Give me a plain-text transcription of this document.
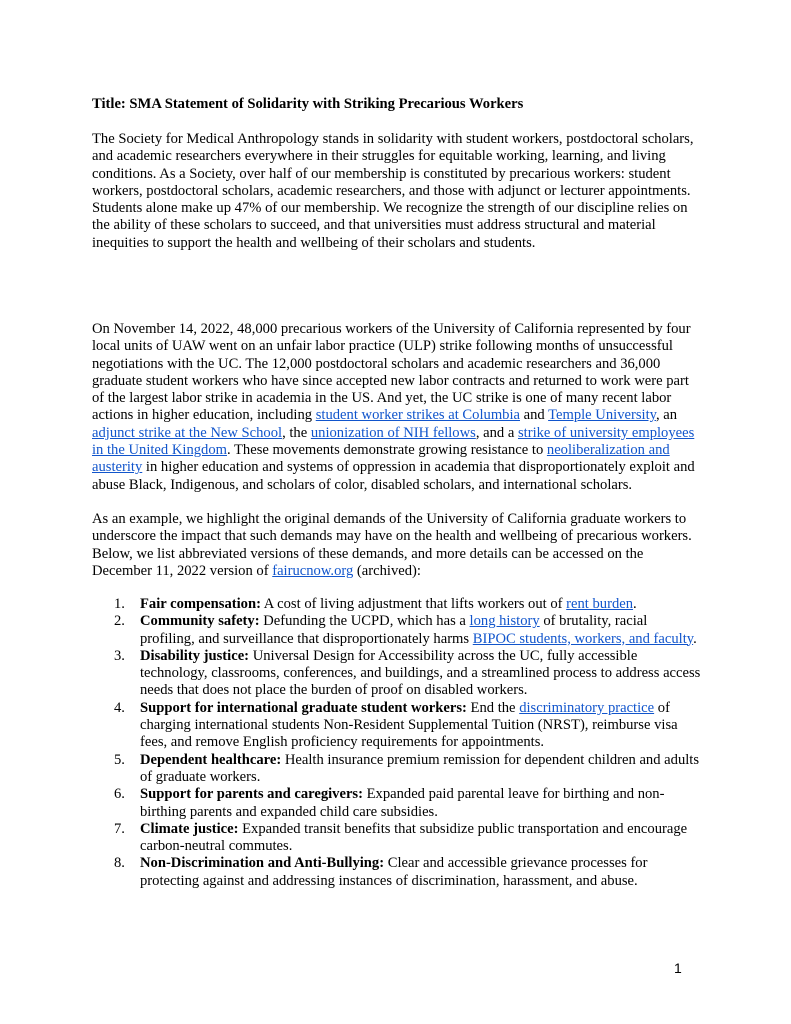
Title: SMA Statement of Solidarity with Striking Precarious Workers

The Society for Medical Anthropology stands in solidarity with student workers, postdoctoral scholars, and academic researchers everywhere in their struggles for equitable working, learning, and living conditions. As a Society, over half of our membership is constituted by precarious workers: student workers, postdoctoral scholars, academic researchers, and those with adjunct or lecturer appointments. Students alone make up 47% of our membership. We recognize the strength of our discipline relies on the ability of these scholars to succeed, and that universities must address structural and material inequities to support the health and wellbeing of their scholars and students.

On November 14, 2022, 48,000 precarious workers of the University of California represented by four local units of UAW went on an unfair labor practice (ULP) strike following months of unsuccessful negotiations with the UC. The 12,000 postdoctoral scholars and academic researchers and 36,000 graduate student workers who have since accepted new labor contracts and returned to work were part of the largest labor strike in academia in the US. And yet, the UC strike is one of many recent labor actions in higher education, including student worker strikes at Columbia and Temple University, an adjunct strike at the New School, the unionization of NIH fellows, and a strike of university employees in the United Kingdom. These movements demonstrate growing resistance to neoliberalization and austerity in higher education and systems of oppression in academia that disproportionately exploit and abuse Black, Indigenous, and scholars of color, disabled scholars, and international scholars.

As an example, we highlight the original demands of the University of California graduate workers to underscore the impact that such demands may have on the health and wellbeing of precarious workers. Below, we list abbreviated versions of these demands, and more details can be accessed on the December 11, 2022 version of fairucnow.org (archived):

1. Fair compensation: A cost of living adjustment that lifts workers out of rent burden.
2. Community safety: Defunding the UCPD, which has a long history of brutality, racial profiling, and surveillance that disproportionately harms BIPOC students, workers, and faculty.
3. Disability justice: Universal Design for Accessibility across the UC, fully accessible technology, classrooms, conferences, and buildings, and a streamlined process to address access needs that does not place the burden of proof on disabled workers.
4. Support for international graduate student workers: End the discriminatory practice of charging international students Non-Resident Supplemental Tuition (NRST), reimburse visa fees, and remove English proficiency requirements for appointments.
5. Dependent healthcare: Health insurance premium remission for dependent children and adults of graduate workers.
6. Support for parents and caregivers: Expanded paid parental leave for birthing and non-birthing parents and expanded child care subsidies.
7. Climate justice: Expanded transit benefits that subsidize public transportation and encourage carbon-neutral commutes.
8. Non-Discrimination and Anti-Bullying: Clear and accessible grievance processes for protecting against and addressing instances of discrimination, harassment, and abuse.
1
